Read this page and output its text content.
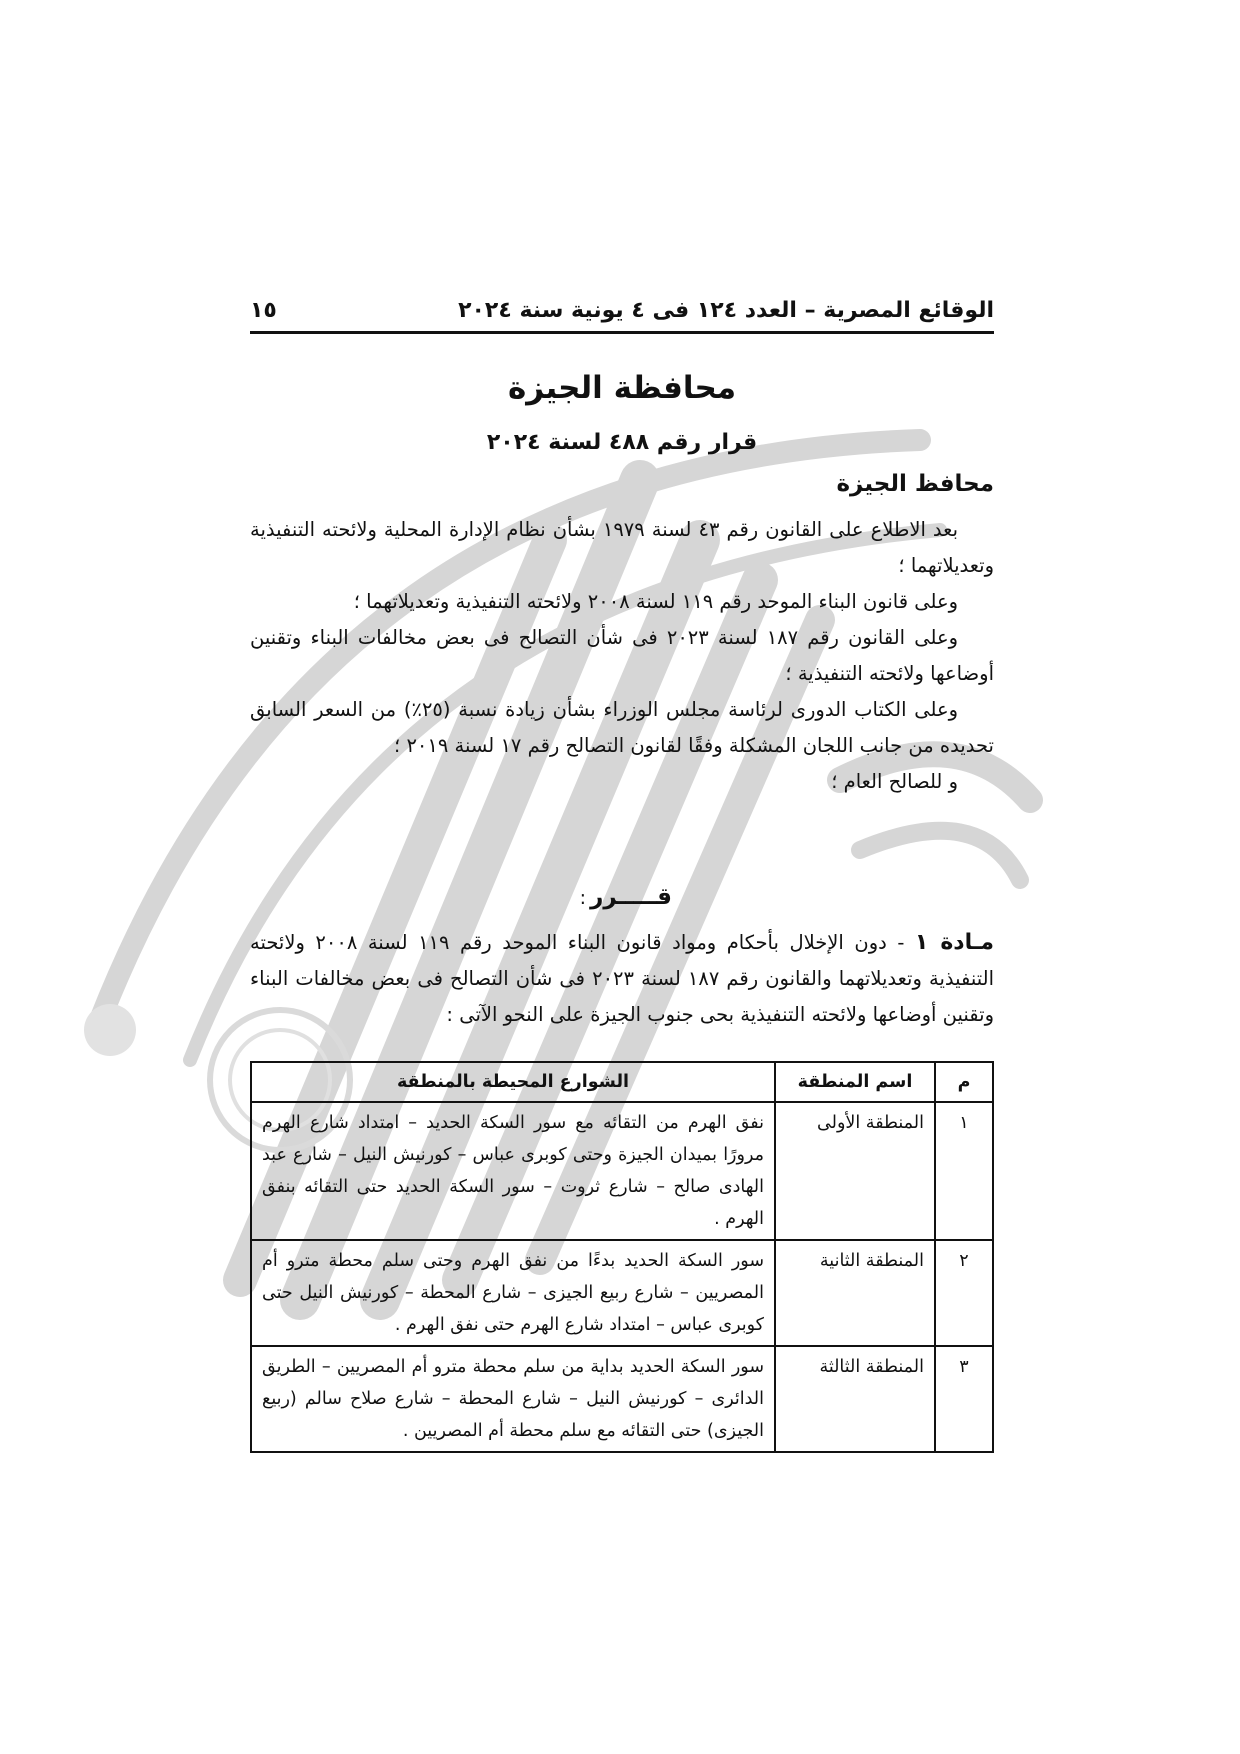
الوقائع المصرية – العدد ١٢٤ فى ٤ يونية سنة ٢٠٢٤
١٥
محافظة الجيزة
قرار رقم ٤٨٨ لسنة ٢٠٢٤
محافظ الجيزة

بعد الاطلاع على القانون رقم ٤٣ لسنة ١٩٧٩ بشأن نظام الإدارة المحلية ولائحته التنفيذية وتعديلاتهما ؛

وعلى قانون البناء الموحد رقم ١١٩ لسنة ٢٠٠٨ ولائحته التنفيذية وتعديلاتهما ؛

وعلى القانون رقم ١٨٧ لسنة ٢٠٢٣ فى شأن التصالح فى بعض مخالفات البناء وتقنين أوضاعها ولائحته التنفيذية ؛

وعلى الكتاب الدورى لرئاسة مجلس الوزراء بشأن زيادة نسبة (٢٥٪) من السعر السابق تحديده من جانب اللجان المشكلة وفقًا لقانون التصالح رقم ١٧ لسنة ٢٠١٩ ؛

و للصالح العام ؛

قـــــرر:

مـادة ١ - دون الإخلال بأحكام ومواد قانون البناء الموحد رقم ١١٩ لسنة ٢٠٠٨ ولائحته التنفيذية وتعديلاتهما والقانون رقم ١٨٧ لسنة ٢٠٢٣ فى شأن التصالح فى بعض مخالفات البناء وتقنين أوضاعها ولائحته التنفيذية بحى جنوب الجيزة على النحو الآتى :

م	اسم المنطقة	الشوارع المحيطة بالمنطقة
١	المنطقة الأولى	نفق الهرم من التقائه مع سور السكة الحديد – امتداد شارع الهرم مرورًا بميدان الجيزة وحتى كوبرى عباس – كورنيش النيل – شارع عبد الهادى صالح – شارع ثروت – سور السكة الحديد حتى التقائه بنفق الهرم .
٢	المنطقة الثانية	سور السكة الحديد بدءًا من نفق الهرم وحتى سلم محطة مترو أم المصريين – شارع ربيع الجيزى – شارع المحطة – كورنيش النيل حتى كوبرى عباس – امتداد شارع الهرم حتى نفق الهرم .
٣	المنطقة الثالثة	سور السكة الحديد بداية من سلم محطة مترو أم المصريين – الطريق الدائرى – كورنيش النيل – شارع المحطة – شارع صلاح سالم (ربيع الجيزى) حتى التقائه مع سلم محطة أم المصريين .
